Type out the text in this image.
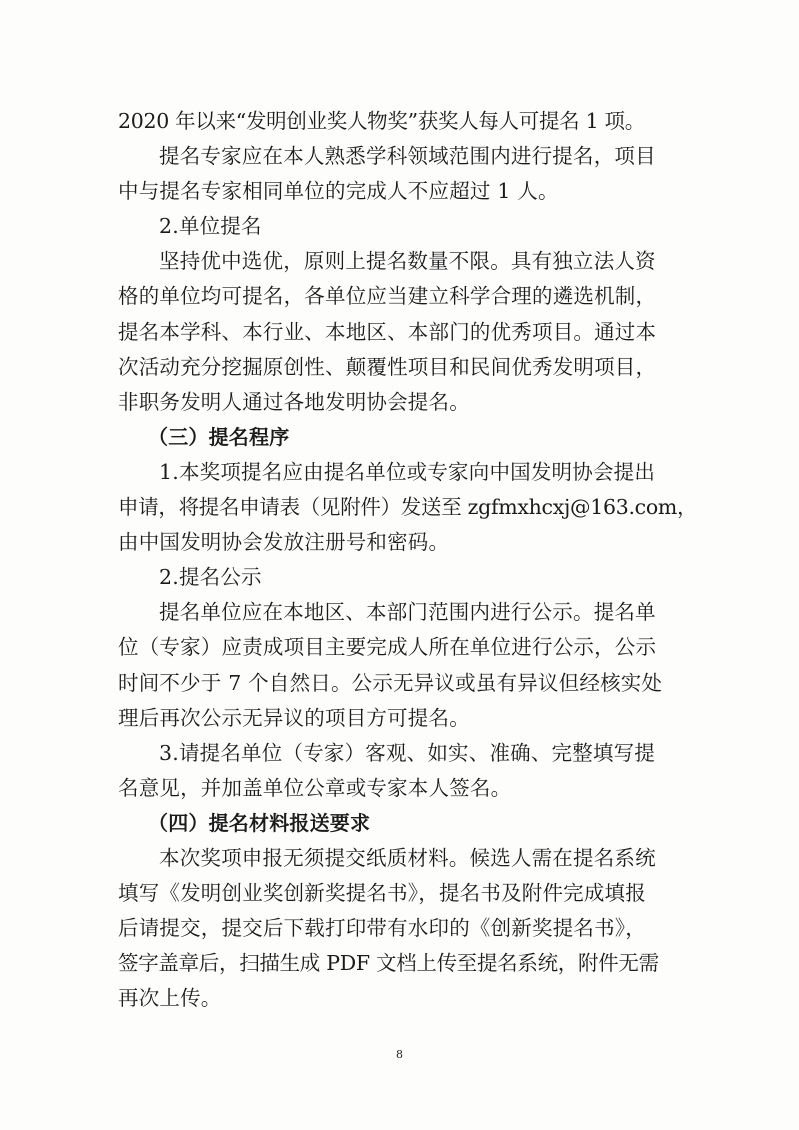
2020 年以来“发明创业奖人物奖”获奖人每人可提名 1 项。
提名专家应在本人熟悉学科领域范围内进行提名，项目
中与提名专家相同单位的完成人不应超过 1 人。
2.单位提名
坚持优中选优，原则上提名数量不限。具有独立法人资
格的单位均可提名，各单位应当建立科学合理的遴选机制，
提名本学科、本行业、本地区、本部门的优秀项目。通过本
次活动充分挖掘原创性、颠覆性项目和民间优秀发明项目，
非职务发明人通过各地发明协会提名。
（三）提名程序
1.本奖项提名应由提名单位或专家向中国发明协会提出
申请，将提名申请表（见附件）发送至 zgfmxhcxj@163.com，
由中国发明协会发放注册号和密码。
2.提名公示
提名单位应在本地区、本部门范围内进行公示。提名单
位（专家）应责成项目主要完成人所在单位进行公示，公示
时间不少于 7 个自然日。公示无异议或虽有异议但经核实处
理后再次公示无异议的项目方可提名。
3.请提名单位（专家）客观、如实、准确、完整填写提
名意见，并加盖单位公章或专家本人签名。
（四）提名材料报送要求
本次奖项申报无须提交纸质材料。候选人需在提名系统
填写《发明创业奖创新奖提名书》，提名书及附件完成填报
后请提交，提交后下载打印带有水印的《创新奖提名书》，
签字盖章后，扫描生成 PDF 文档上传至提名系统，附件无需
再次上传。
8
